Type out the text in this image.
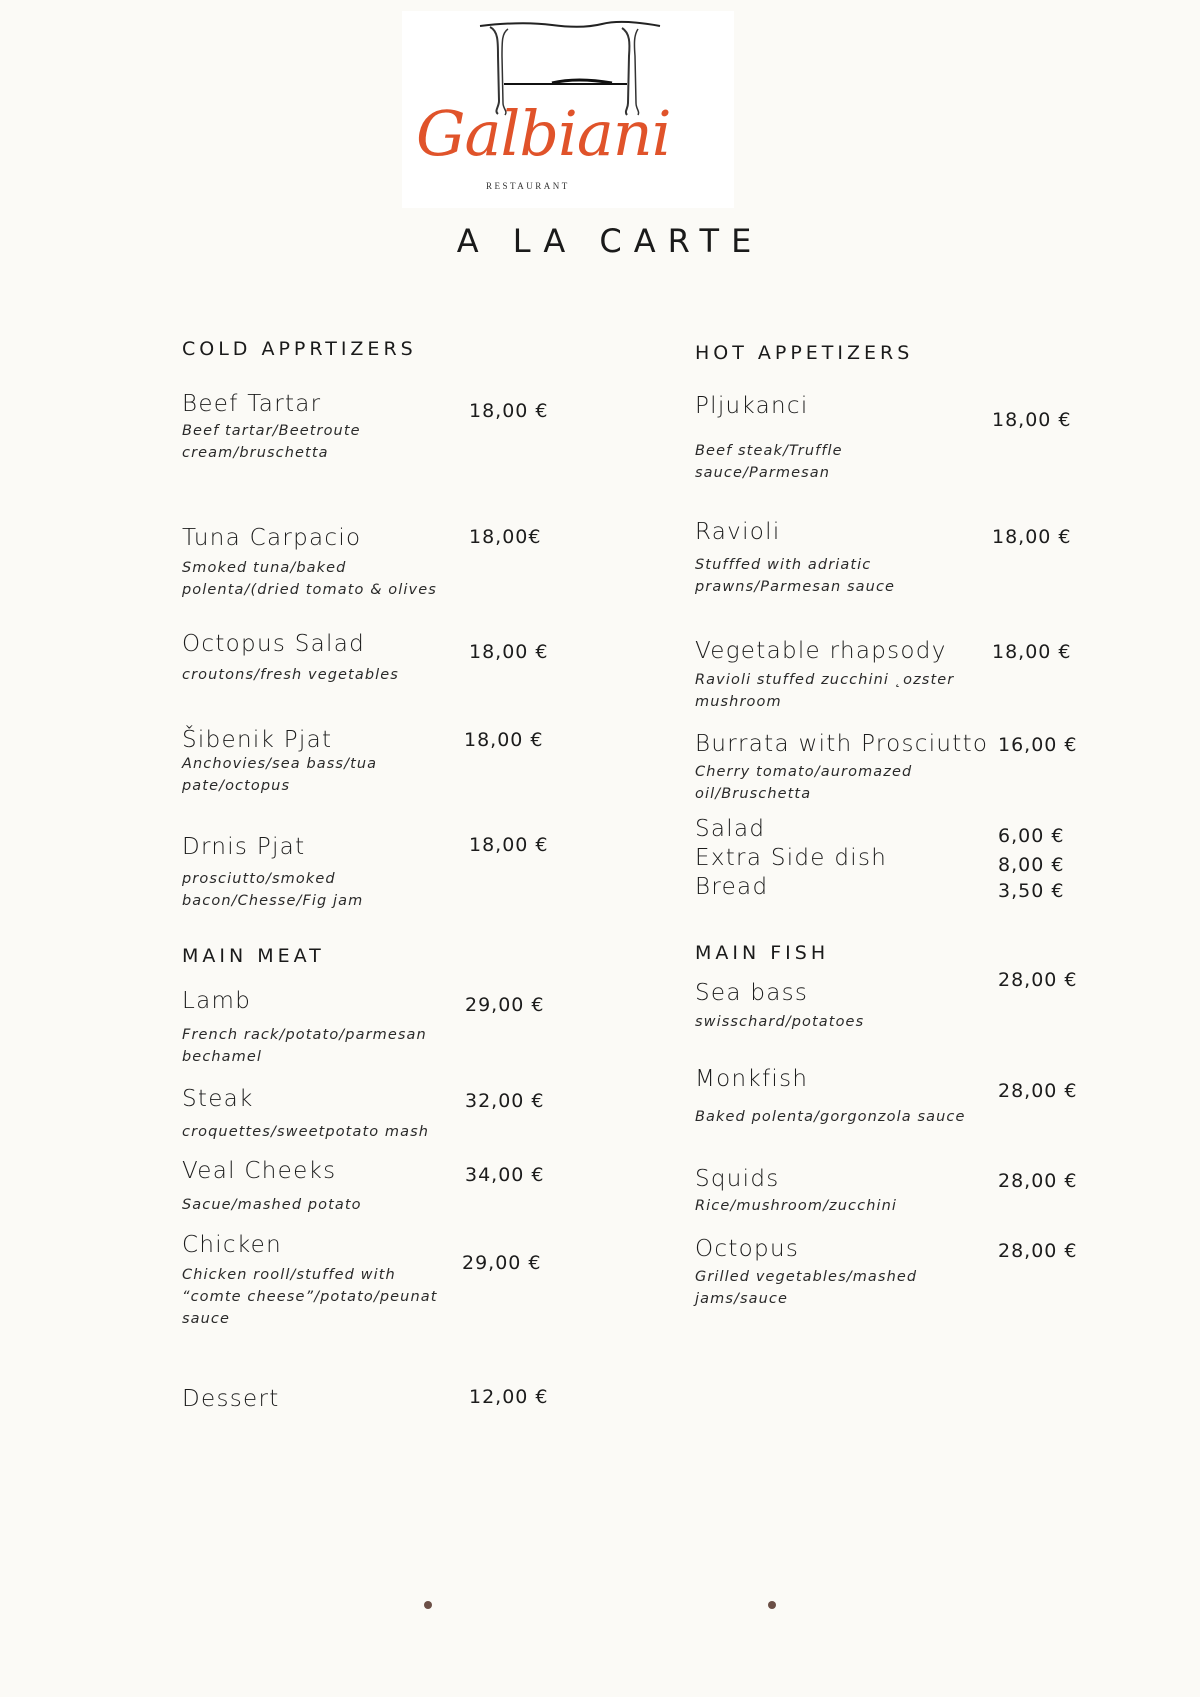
Galbiani
RESTAURANT
A LA CARTE
COLD APPRTIZERS
Beef Tartar	18,00 €
Beef tartar/Beetroute cream/bruschetta
Tuna Carpacio	18,00€
Smoked tuna/baked polenta/(dried tomato & olives
Octopus Salad	18,00 €
croutons/fresh vegetables
Šibenik Pjat	18,00 €
Anchovies/sea bass/tua pate/octopus
Drnis Pjat	18,00 €
prosciutto/smoked bacon/Chesse/Fig jam
MAIN MEAT
Lamb	29,00 €
French rack/potato/parmesan bechamel
Steak	32,00 €
croquettes/sweetpotato mash
Veal Cheeks	34,00 €
Sacue/mashed potato
Chicken
29,00 €
Chicken rooll/stuffed with “comte cheese”/potato/peunat sauce
Dessert	12,00 €
HOT APPETIZERS
Pljukanci
18,00 €
Beef steak/Truffle sauce/Parmesan
Ravioli	18,00 €
Stufffed with adriatic prawns/Parmesan sauce
Vegetable rhapsody 18,00 €
Ravioli stuffed zucchini ˛ozster mushroom
Burrata with Prosciutto 16,00 €
Cherry tomato/auromazed oil/Bruschetta
Salad	6,00 €
Extra Side dish	8,00 €
Bread	3,50 €
MAIN FISH
Sea bass	28,00 €
swisschard/potatoes
Monkfish	28,00 €
Baked polenta/gorgonzola sauce
Squids	28,00 €
Rice/mushroom/zucchini
Octopus	28,00 €
Grilled vegetables/mashed jams/sauce
